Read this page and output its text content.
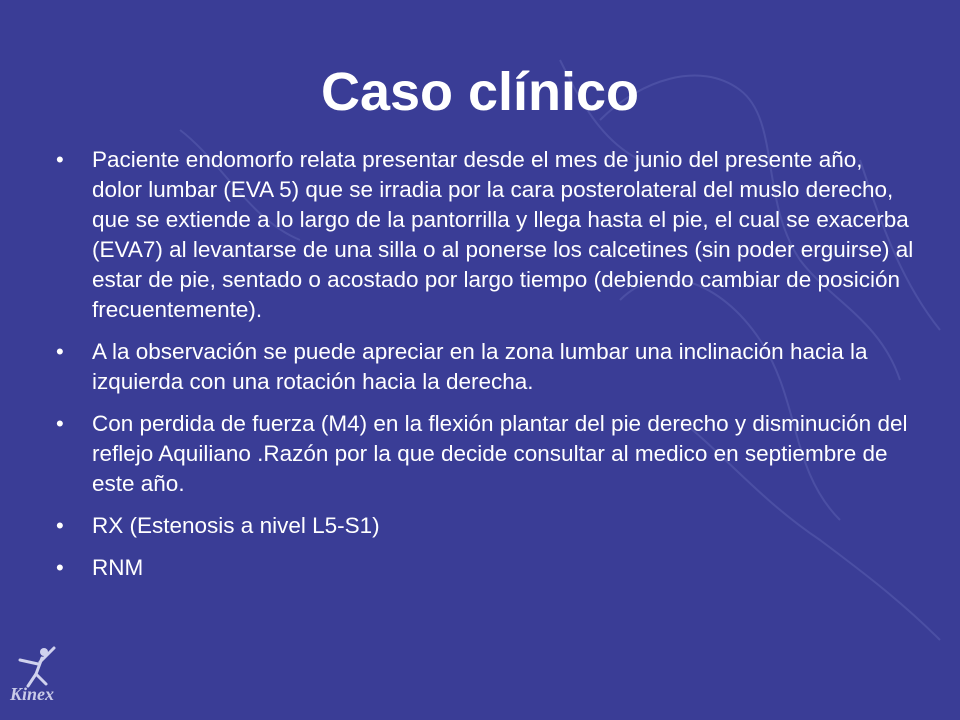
Caso clínico
• Paciente endomorfo relata presentar desde el mes de junio del presente año, dolor lumbar (EVA 5) que se irradia por la cara posterolateral del muslo derecho, que se extiende a lo largo de la pantorrilla y llega hasta el pie, el cual se exacerba (EVA7) al levantarse de una silla o al ponerse los calcetines (sin poder erguirse) al estar de pie, sentado o acostado por largo tiempo (debiendo cambiar de posición frecuentemente).
• A la observación se puede apreciar en la zona lumbar una inclinación hacia la izquierda con una rotación hacia la derecha.
• Con perdida de fuerza (M4) en la flexión plantar del pie derecho y disminución del reflejo Aquiliano .Razón por la que decide consultar al medico en septiembre de este año.
• RX (Estenosis a nivel L5-S1)
• RNM
Kinex
